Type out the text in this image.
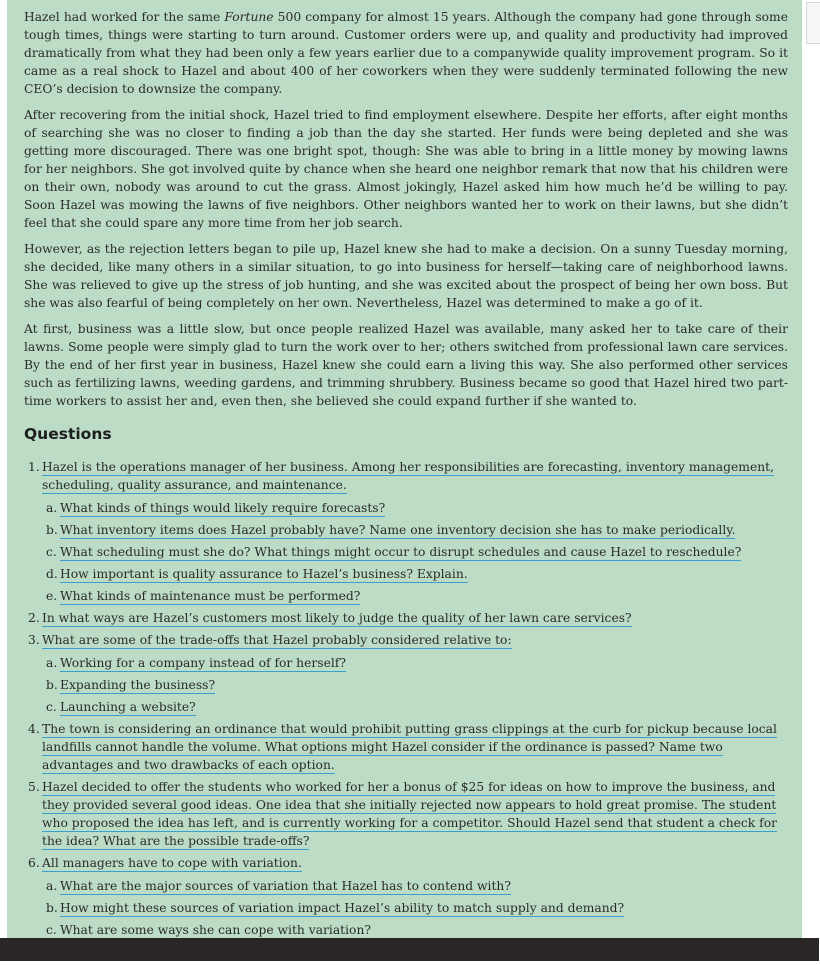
Hazel had worked for the same Fortune 500 company for almost 15 years. Although the company had gone through some tough times, things were starting to turn around. Customer orders were up, and quality and productivity had improved dramatically from what they had been only a few years earlier due to a companywide quality improvement program. So it came as a real shock to Hazel and about 400 of her coworkers when they were suddenly terminated following the new CEO’s decision to downsize the company.

After recovering from the initial shock, Hazel tried to find employment elsewhere. Despite her efforts, after eight months of searching she was no closer to finding a job than the day she started. Her funds were being depleted and she was getting more discouraged. There was one bright spot, though: She was able to bring in a little money by mowing lawns for her neighbors. She got involved quite by chance when she heard one neighbor remark that now that his children were on their own, nobody was around to cut the grass. Almost jokingly, Hazel asked him how much he’d be willing to pay. Soon Hazel was mowing the lawns of five neighbors. Other neighbors wanted her to work on their lawns, but she didn’t feel that she could spare any more time from her job search.

However, as the rejection letters began to pile up, Hazel knew she had to make a decision. On a sunny Tuesday morning, she decided, like many others in a similar situation, to go into business for herself—taking care of neighborhood lawns. She was relieved to give up the stress of job hunting, and she was excited about the prospect of being her own boss. But she was also fearful of being completely on her own. Nevertheless, Hazel was determined to make a go of it.

At first, business was a little slow, but once people realized Hazel was available, many asked her to take care of their lawns. Some people were simply glad to turn the work over to her; others switched from professional lawn care services. By the end of her first year in business, Hazel knew she could earn a living this way. She also performed other services such as fertilizing lawns, weeding gardens, and trimming shrubbery. Business became so good that Hazel hired two part-time workers to assist her and, even then, she believed she could expand further if she wanted to.

Questions
1. Hazel is the operations manager of her business. Among her responsibilities are forecasting, inventory management, scheduling, quality assurance, and maintenance.
a. What kinds of things would likely require forecasts?
b. What inventory items does Hazel probably have? Name one inventory decision she has to make periodically.
c. What scheduling must she do? What things might occur to disrupt schedules and cause Hazel to reschedule?
d. How important is quality assurance to Hazel’s business? Explain.
e. What kinds of maintenance must be performed?
2. In what ways are Hazel’s customers most likely to judge the quality of her lawn care services?
3. What are some of the trade-offs that Hazel probably considered relative to:
a. Working for a company instead of for herself?
b. Expanding the business?
c. Launching a website?
4. The town is considering an ordinance that would prohibit putting grass clippings at the curb for pickup because local landfills cannot handle the volume. What options might Hazel consider if the ordinance is passed? Name two advantages and two drawbacks of each option.
5. Hazel decided to offer the students who worked for her a bonus of $25 for ideas on how to improve the business, and they provided several good ideas. One idea that she initially rejected now appears to hold great promise. The student who proposed the idea has left, and is currently working for a competitor. Should Hazel send that student a check for the idea? What are the possible trade-offs?
6. All managers have to cope with variation.
a. What are the major sources of variation that Hazel has to contend with?
b. How might these sources of variation impact Hazel’s ability to match supply and demand?
c. What are some ways she can cope with variation?
